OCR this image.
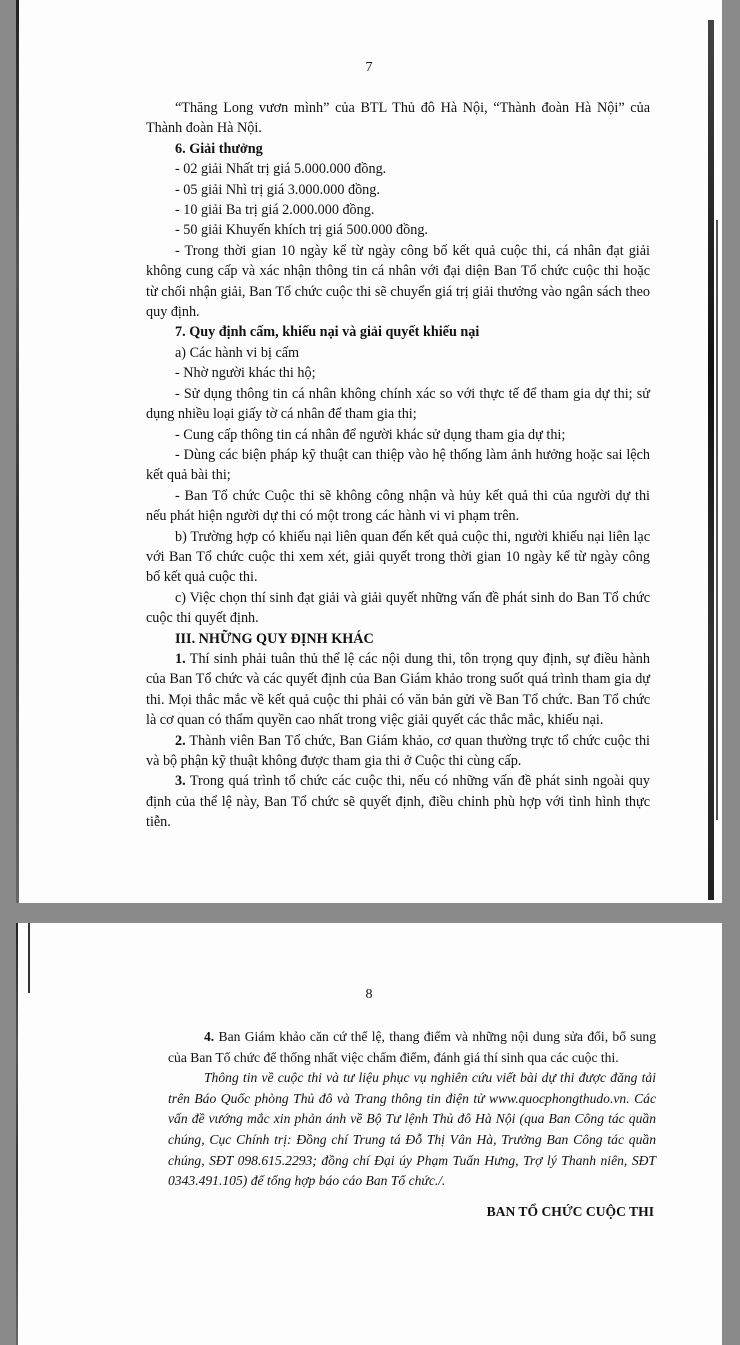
7

“Thăng Long vươn mình” của BTL Thủ đô Hà Nội, “Thành đoàn Hà Nội” của Thành đoàn Hà Nội.

6. Giải thưởng

- 02 giải Nhất trị giá 5.000.000 đồng.

- 05 giải Nhì trị giá 3.000.000 đồng.

- 10 giải Ba trị giá 2.000.000 đồng.

- 50 giải Khuyến khích trị giá 500.000 đồng.

- Trong thời gian 10 ngày kể từ ngày công bố kết quả cuộc thi, cá nhân đạt giải không cung cấp và xác nhận thông tin cá nhân với đại diện Ban Tổ chức cuộc thi hoặc từ chối nhận giải, Ban Tổ chức cuộc thi sẽ chuyển giá trị giải thưởng vào ngân sách theo quy định.

7. Quy định cấm, khiếu nại và giải quyết khiếu nại

a) Các hành vi bị cấm

- Nhờ người khác thi hộ;

- Sử dụng thông tin cá nhân không chính xác so với thực tế để tham gia dự thi; sử dụng nhiều loại giấy tờ cá nhân để tham gia thi;

- Cung cấp thông tin cá nhân để người khác sử dụng tham gia dự thi;

- Dùng các biện pháp kỹ thuật can thiệp vào hệ thống làm ảnh hưởng hoặc sai lệch kết quả bài thi;

- Ban Tổ chức Cuộc thi sẽ không công nhận và hủy kết quả thi của người dự thi nếu phát hiện người dự thi có một trong các hành vi vi phạm trên.

b) Trường hợp có khiếu nại liên quan đến kết quả cuộc thi, người khiếu nại liên lạc với Ban Tổ chức cuộc thi xem xét, giải quyết trong thời gian 10 ngày kể từ ngày công bố kết quả cuộc thi.

c) Việc chọn thí sinh đạt giải và giải quyết những vấn đề phát sinh do Ban Tổ chức cuộc thi quyết định.

III. NHỮNG QUY ĐỊNH KHÁC

1. Thí sinh phải tuân thủ thể lệ các nội dung thi, tôn trọng quy định, sự điều hành của Ban Tổ chức và các quyết định của Ban Giám khảo trong suốt quá trình tham gia dự thi. Mọi thắc mắc về kết quả cuộc thi phải có văn bản gửi về Ban Tổ chức. Ban Tổ chức là cơ quan có thẩm quyền cao nhất trong việc giải quyết các thắc mắc, khiếu nại.

2. Thành viên Ban Tổ chức, Ban Giám khảo, cơ quan thường trực tổ chức cuộc thi và bộ phận kỹ thuật không được tham gia thi ở Cuộc thi cùng cấp.

3. Trong quá trình tổ chức các cuộc thi, nếu có những vấn đề phát sinh ngoài quy định của thể lệ này, Ban Tổ chức sẽ quyết định, điều chỉnh phù hợp với tình hình thực tiễn.

8

4. Ban Giám khảo căn cứ thể lệ, thang điểm và những nội dung sửa đổi, bổ sung của Ban Tổ chức để thống nhất việc chấm điểm, đánh giá thí sinh qua các cuộc thi.

Thông tin về cuộc thi và tư liệu phục vụ nghiên cứu viết bài dự thi được đăng tải trên Báo Quốc phòng Thủ đô và Trang thông tin điện tử www.quocphongthudo.vn. Các vấn đề vướng mắc xin phản ánh về Bộ Tư lệnh Thủ đô Hà Nội (qua Ban Công tác quần chúng, Cục Chính trị: Đồng chí Trung tá Đỗ Thị Vân Hà, Trưởng Ban Công tác quần chúng, SĐT 098.615.2293; đồng chí Đại úy Phạm Tuấn Hưng, Trợ lý Thanh niên, SĐT 0343.491.105) để tổng hợp báo cáo Ban Tổ chức./.

BAN TỔ CHỨC CUỘC THI
